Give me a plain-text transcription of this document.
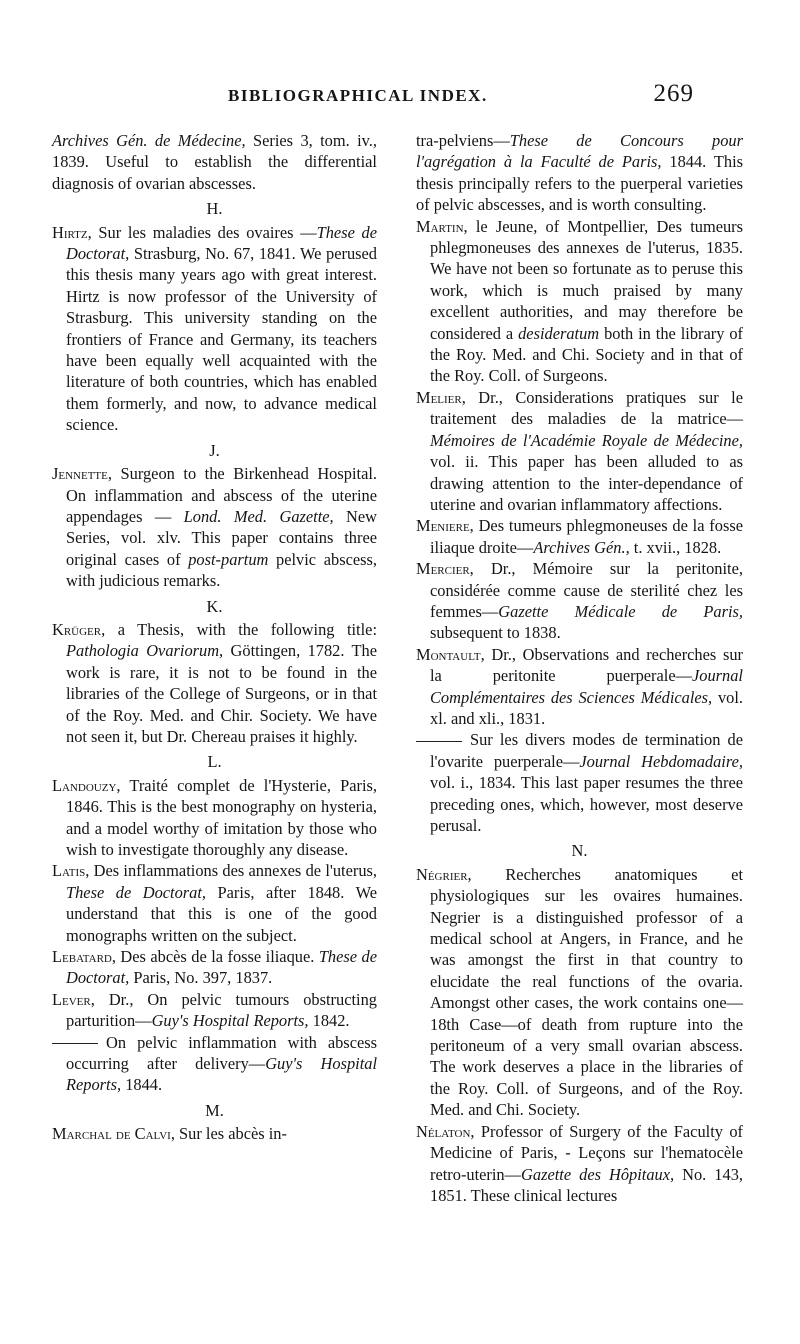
BIBLIOGRAPHICAL INDEX.	269

Archives Gén. de Médecine, Series 3, tom. iv., 1839. Useful to establish the differential diagnosis of ovarian abscesses.

H.

Hirtz, Sur les maladies des ovaires —These de Doctorat, Strasburg, No. 67, 1841. We perused this thesis many years ago with great interest. Hirtz is now professor of the University of Strasburg. This university standing on the frontiers of France and Germany, its teachers have been equally well acquainted with the literature of both countries, which has enabled them formerly, and now, to advance medical science.

J.

Jennette, Surgeon to the Birkenhead Hospital. On inflammation and abscess of the uterine appendages — Lond. Med. Gazette, New Series, vol. xlv. This paper contains three original cases of post-partum pelvic abscess, with judicious remarks.

K.

Krüger, a Thesis, with the following title: Pathologia Ovariorum, Göttingen, 1782. The work is rare, it is not to be found in the libraries of the College of Surgeons, or in that of the Roy. Med. and Chir. Society. We have not seen it, but Dr. Chereau praises it highly.

L.

Landouzy, Traité complet de l'Hysterie, Paris, 1846. This is the best monography on hysteria, and a model worthy of imitation by those who wish to investigate thoroughly any disease.

Latis, Des inflammations des annexes de l'uterus, These de Doctorat, Paris, after 1848. We understand that this is one of the good monographs written on the subject.

Lebatard, Des abcès de la fosse iliaque. These de Doctorat, Paris, No. 397, 1837.

Lever, Dr., On pelvic tumours obstructing parturition—Guy's Hospital Reports, 1842.

On pelvic inflammation with abscess occurring after delivery—Guy's Hospital Reports, 1844.

M.

Marchal de Calvi, Sur les abcès in-

tra-pelviens—These de Concours pour l'agrégation à la Faculté de Paris, 1844. This thesis principally refers to the puerperal varieties of pelvic abscesses, and is worth consulting.

Martin, le Jeune, of Montpellier, Des tumeurs phlegmoneuses des annexes de l'uterus, 1835. We have not been so fortunate as to peruse this work, which is much praised by many excellent authorities, and may therefore be considered a desideratum both in the library of the Roy. Med. and Chi. Society and in that of the Roy. Coll. of Surgeons.

Melier, Dr., Considerations pratiques sur le traitement des maladies de la matrice—Mémoires de l'Académie Royale de Médecine, vol. ii. This paper has been alluded to as drawing attention to the inter-dependance of uterine and ovarian inflammatory affections.

Meniere, Des tumeurs phlegmoneuses de la fosse iliaque droite—Archives Gén., t. xvii., 1828.

Mercier, Dr., Mémoire sur la peritonite, considérée comme cause de sterilité chez les femmes—Gazette Médicale de Paris, subsequent to 1838.

Montault, Dr., Observations and recherches sur la peritonite puerperale—Journal Complémentaires des Sciences Médicales, vol. xl. and xli., 1831.

Sur les divers modes de termination de l'ovarite puerperale—Journal Hebdomadaire, vol. i., 1834. This last paper resumes the three preceding ones, which, however, most deserve perusal.

N.

Négrier, Recherches anatomiques et physiologiques sur les ovaires humaines. Negrier is a distinguished professor of a medical school at Angers, in France, and he was amongst the first in that country to elucidate the real functions of the ovaria. Amongst other cases, the work contains one—18th Case—of death from rupture into the peritoneum of a very small ovarian abscess. The work deserves a place in the libraries of the Roy. Coll. of Surgeons, and of the Roy. Med. and Chi. Society.

Nélaton, Professor of Surgery of the Faculty of Medicine of Paris, - Leçons sur l'hematocèle retro-uterin—Gazette des Hôpitaux, No. 143, 1851. These clinical lectures
